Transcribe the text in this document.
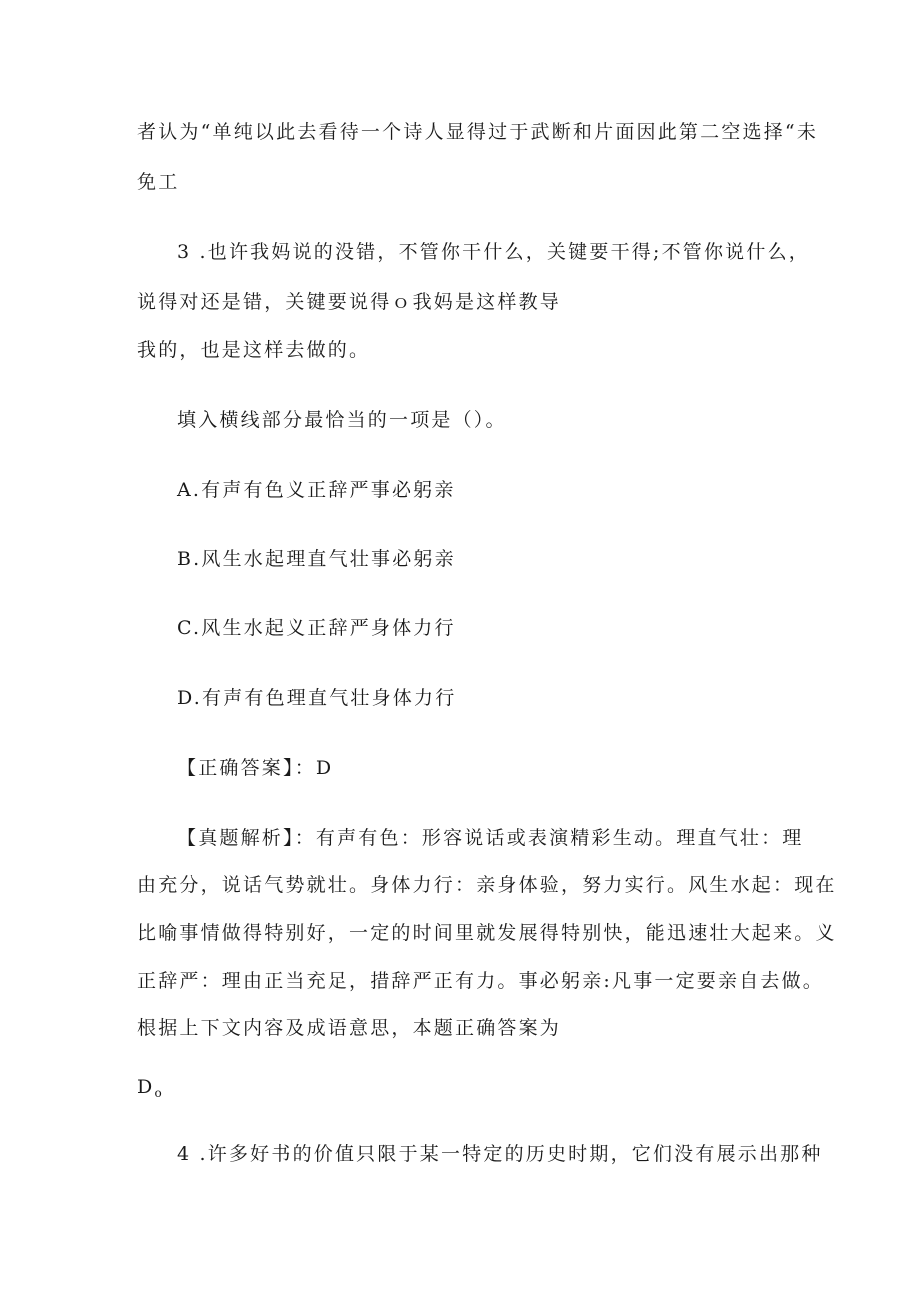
者认为“单纯以此去看待一个诗人显得过于武断和片面因此第二空选择“未
免工
3 .也许我妈说的没错，不管你干什么，关键要干得;不管你说什么，
说得对还是错，关键要说得ｏ我妈是这样教导
我的，也是这样去做的。
填入横线部分最恰当的一项是（）。
A.有声有色义正辞严事必躬亲
B.风生水起理直气壮事必躬亲
C.风生水起义正辞严身体力行
D.有声有色理直气壮身体力行
【正确答案】：D
【真题解析】：有声有色：形容说话或表演精彩生动。理直气壮：理
由充分，说话气势就壮。身体力行：亲身体验，努力实行。风生水起：现在
比喻事情做得特别好，一定的时间里就发展得特别快，能迅速壮大起来。义
正辞严：理由正当充足，措辞严正有力。事必躬亲:凡事一定要亲自去做。
根据上下文内容及成语意思，本题正确答案为
$D_o$
4 .许多好书的价值只限于某一特定的历史时期，它们没有展示出那种
